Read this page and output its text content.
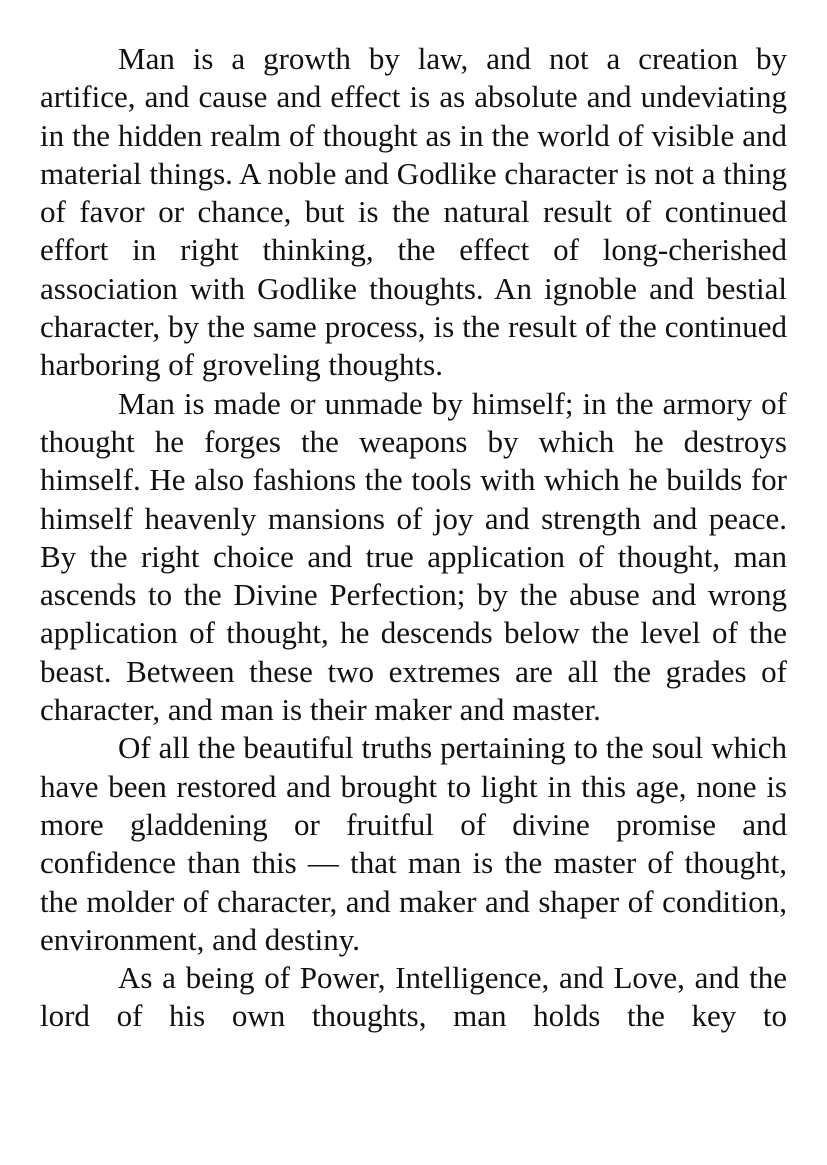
Man is a growth by law, and not a creation by artifice, and cause and effect is as absolute and undeviating in the hidden realm of thought as in the world of visible and material things. A noble and Godlike character is not a thing of favor or chance, but is the natural result of continued effort in right thinking, the effect of long-cherished association with Godlike thoughts. An ignoble and bestial character, by the same process, is the result of the continued harboring of groveling thoughts.

Man is made or unmade by himself; in the armory of thought he forges the weapons by which he destroys himself. He also fashions the tools with which he builds for himself heavenly mansions of joy and strength and peace. By the right choice and true application of thought, man ascends to the Divine Perfection; by the abuse and wrong application of thought, he descends below the level of the beast. Between these two extremes are all the grades of character, and man is their maker and master.

Of all the beautiful truths pertaining to the soul which have been restored and brought to light in this age, none is more gladdening or fruitful of divine promise and confidence than this — that man is the master of thought, the molder of character, and maker and shaper of condition, environment, and destiny.

As a being of Power, Intelligence, and Love, and the lord of his own thoughts, man holds the key to
